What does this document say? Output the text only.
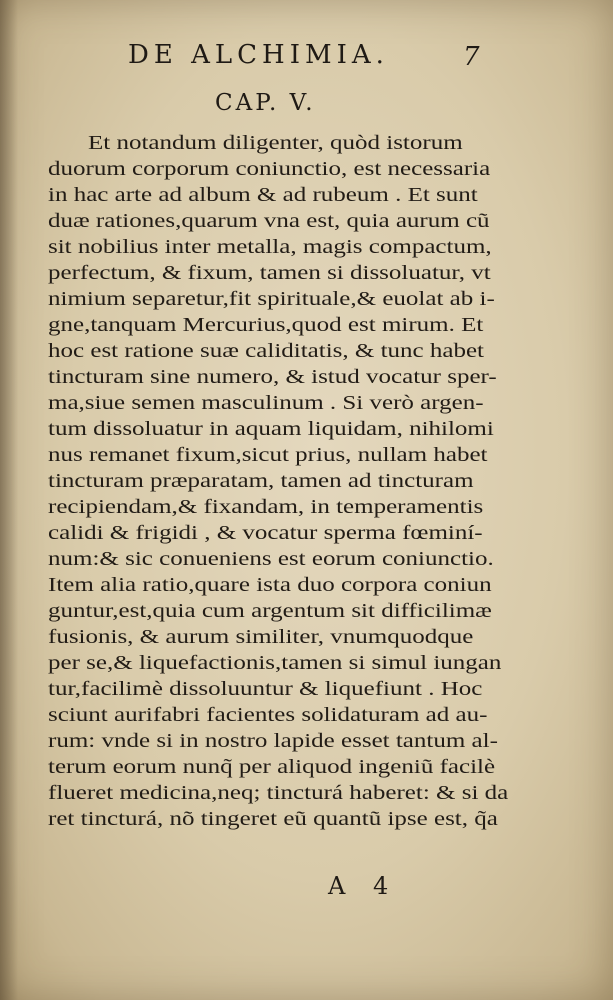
DE ALCHIMIA.	7
CAP. V.
Et notandum diligenter, quòd istorum
duorum corporum coniunctio, est necessaria
in hac arte ad album & ad rubeum . Et sunt
duæ rationes,quarum vna est, quia aurum cũ
sit nobilius inter metalla, magis compactum,
perfectum, & fixum, tamen si dissoluatur, vt
nimium separetur,fit spirituale,& euolat ab i-
gne,tanquam Mercurius,quod est mirum. Et
hoc est ratione suæ caliditatis, & tunc habet
tincturam sine numero, & istud vocatur sper-
ma,siue semen masculinum . Si verò argen-
tum dissoluatur in aquam liquidam, nihilomi
nus remanet fixum,sicut prius, nullam habet
tincturam præparatam, tamen ad tincturam
recipiendam,& fixandam, in temperamentis
calidi & frigidi , & vocatur sperma fœminí-
num:& sic conueniens est eorum coniunctio.
Item alia ratio,quare ista duo corpora coniun
guntur,est,quia cum argentum sit difficilimæ
fusionis, & aurum similiter, vnumquodque
per se,& liquefactionis,tamen si simul iungan
tur,facilimè dissoluuntur & liquefiunt . Hoc
sciunt aurifabri facientes solidaturam ad au-
rum: vnde si in nostro lapide esset tantum al-
terum eorum nunq̃ per aliquod ingeniũ facilè
flueret medicina,neq; tincturá haberet: & si da
ret tincturá, nõ tingeret eũ quantũ ipse est, q̃a
A 4
